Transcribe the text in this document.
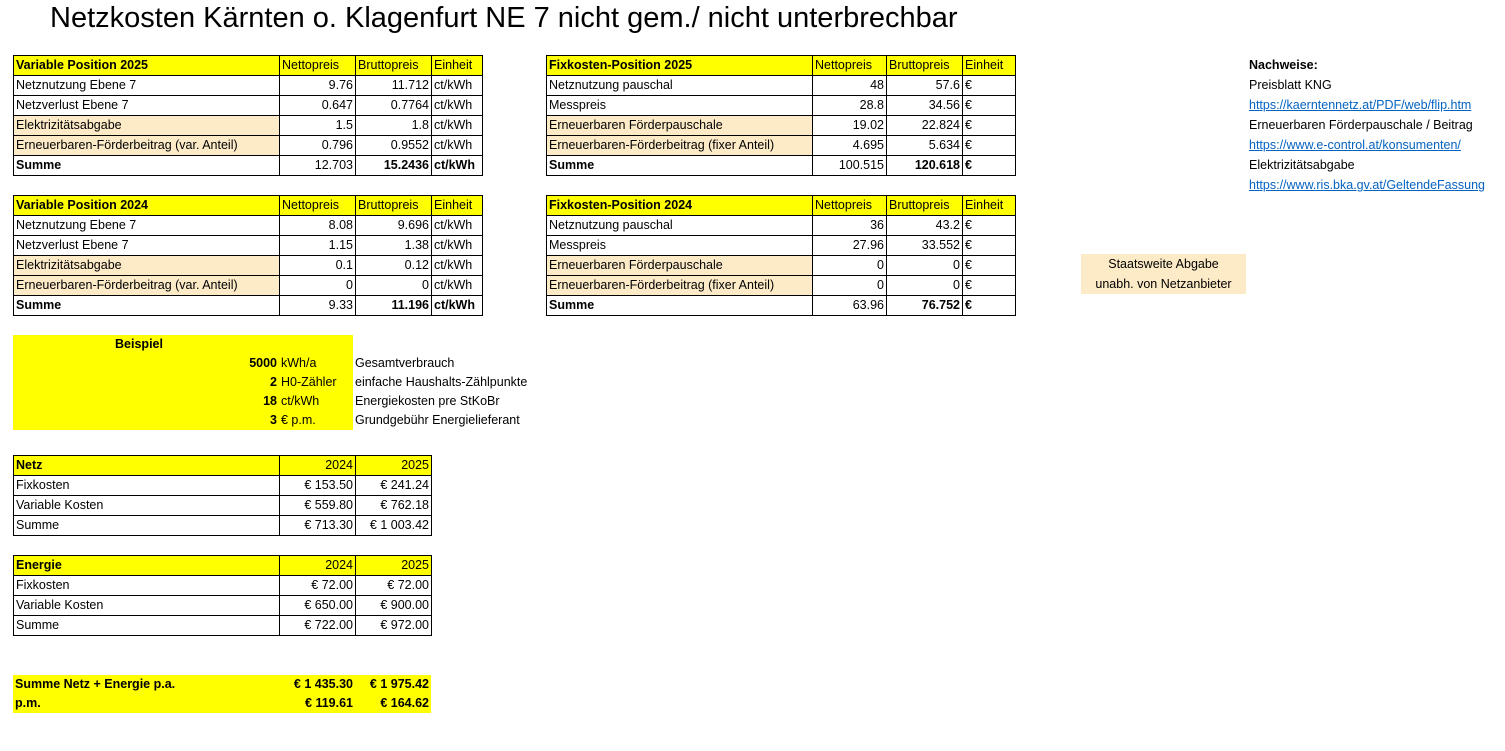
Netzkosten Kärnten o. Klagenfurt NE 7 nicht gem./ nicht unterbrechbar
Variable Position 2025	Nettopreis	Bruttopreis	Einheit
Netznutzung Ebene 7	9.76	11.712	ct/kWh
Netzverlust Ebene 7	0.647	0.7764	ct/kWh
Elektrizitätsabgabe	1.5	1.8	ct/kWh
Erneuerbaren-Förderbeitrag (var. Anteil)	0.796	0.9552	ct/kWh
Summe	12.703	15.2436	ct/kWh
Fixkosten-Position 2025	Nettopreis	Bruttopreis	Einheit
Netznutzung pauschal	48	57.6	€
Messpreis	28.8	34.56	€
Erneuerbaren Förderpauschale	19.02	22.824	€
Erneuerbaren-Förderbeitrag (fixer Anteil)	4.695	5.634	€
Summe	100.515	120.618	€
Variable Position 2024	Nettopreis	Bruttopreis	Einheit
Netznutzung Ebene 7	8.08	9.696	ct/kWh
Netzverlust Ebene 7	1.15	1.38	ct/kWh
Elektrizitätsabgabe	0.1	0.12	ct/kWh
Erneuerbaren-Förderbeitrag (var. Anteil)	0	0	ct/kWh
Summe	9.33	11.196	ct/kWh
Fixkosten-Position 2024	Nettopreis	Bruttopreis	Einheit
Netznutzung pauschal	36	43.2	€
Messpreis	27.96	33.552	€
Erneuerbaren Förderpauschale	0	0	€
Erneuerbaren-Förderbeitrag (fixer Anteil)	0	0	€
Summe	63.96	76.752	€
Staatsweite Abgabe
unabh. von Netzanbieter
Nachweise:
Preisblatt KNG
https://kaerntennetz.at/PDF/web/flip.htm
Erneuerbaren Förderpauschale / Beitrag
https://www.e-control.at/konsumenten/
Elektrizitätsabgabe
https://www.ris.bka.gv.at/GeltendeFassung
Beispiel		
5000	kWh/a	Gesamtverbrauch
2	H0-Zähler	einfache Haushalts-Zählpunkte
18	ct/kWh	Energiekosten pre StKoBr
3	€ p.m.	Grundgebühr Energielieferant
Netz	2024	2025
Fixkosten	€ 153.50	€ 241.24
Variable Kosten	€ 559.80	€ 762.18
Summe	€ 713.30	€ 1 003.42
Energie	2024	2025
Fixkosten	€ 72.00	€ 72.00
Variable Kosten	€ 650.00	€ 900.00
Summe	€ 722.00	€ 972.00
Summe Netz + Energie p.a.	€ 1 435.30	€ 1 975.42
p.m.	€ 119.61	€ 164.62
